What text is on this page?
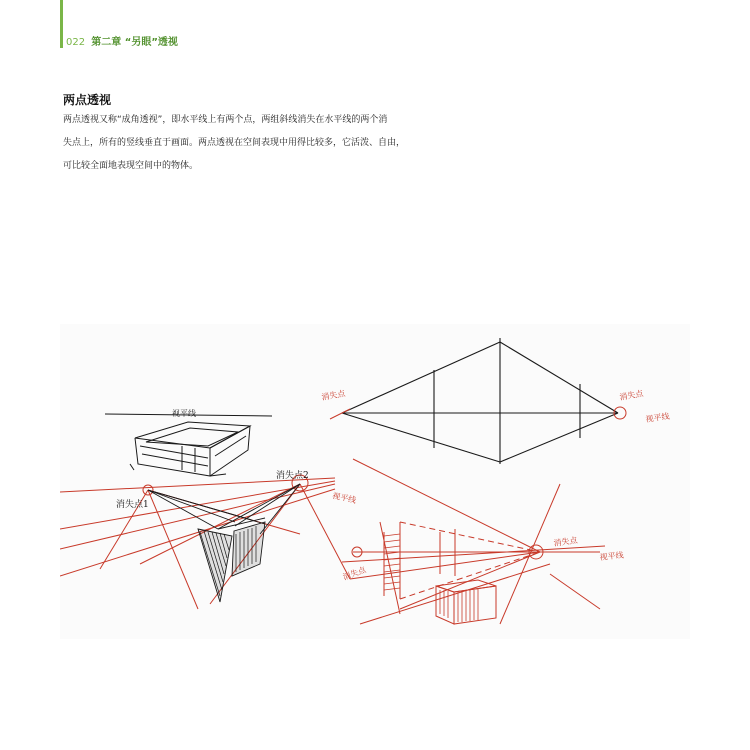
022 第二章 “另眼”透视
两点透视

两点透视又称“成角透视”，即水平线上有两个点，两组斜线消失在水平线的两个消

失点上，所有的竖线垂直于画面。两点透视在空间表现中用得比较多，它活泼、自由，

可比较全面地表现空间中的物体。

视平线
消失点1
消失点2
视平线
消失点	消失点
视平线
消失点
消失点
视平线
